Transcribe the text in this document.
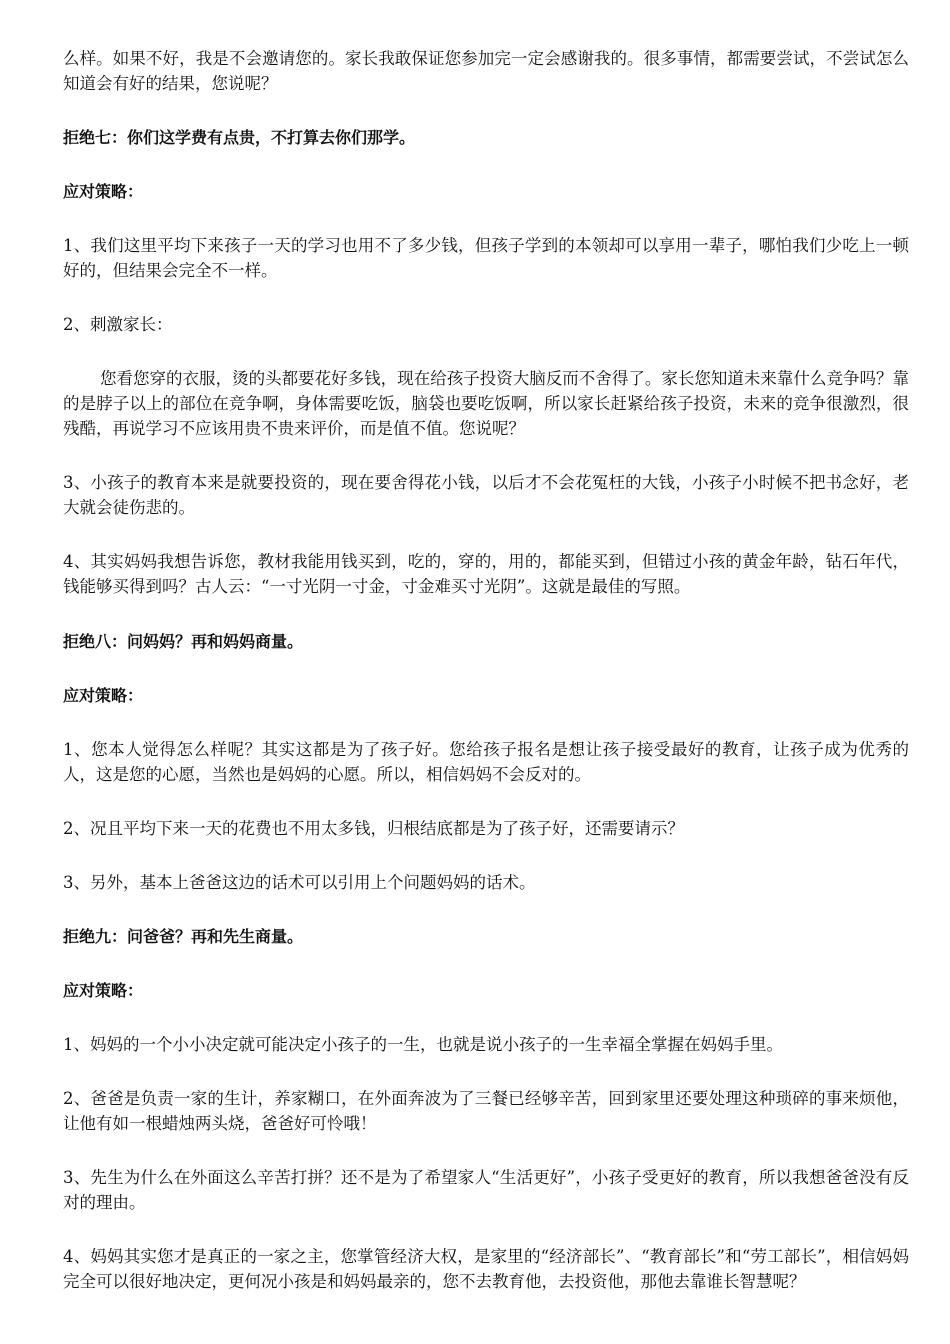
么样。如果不好，我是不会邀请您的。家长我敢保证您参加完一定会感谢我的。很多事情，都需要尝试，不尝试怎么知道会有好的结果，您说呢？

拒绝七：你们这学费有点贵，不打算去你们那学。

应对策略：

1、我们这里平均下来孩子一天的学习也用不了多少钱，但孩子学到的本领却可以享用一辈子，哪怕我们少吃上一顿好的，但结果会完全不一样。

2、刺激家长：

您看您穿的衣服，烫的头都要花好多钱，现在给孩子投资大脑反而不舍得了。家长您知道未来靠什么竞争吗？靠的是脖子以上的部位在竞争啊，身体需要吃饭，脑袋也要吃饭啊，所以家长赶紧给孩子投资，未来的竞争很激烈，很残酷，再说学习不应该用贵不贵来评价，而是值不值。您说呢？

3、小孩子的教育本来是就要投资的，现在要舍得花小钱，以后才不会花冤枉的大钱，小孩子小时候不把书念好，老大就会徒伤悲的。

4、其实妈妈我想告诉您，教材我能用钱买到，吃的，穿的，用的，都能买到，但错过小孩的黄金年龄，钻石年代，钱能够买得到吗？古人云：“一寸光阴一寸金，寸金难买寸光阴”。这就是最佳的写照。

拒绝八：问妈妈？再和妈妈商量。

应对策略：

1、您本人觉得怎么样呢？其实这都是为了孩子好。您给孩子报名是想让孩子接受最好的教育，让孩子成为优秀的人，这是您的心愿，当然也是妈妈的心愿。所以，相信妈妈不会反对的。

2、况且平均下来一天的花费也不用太多钱，归根结底都是为了孩子好，还需要请示？

3、另外，基本上爸爸这边的话术可以引用上个问题妈妈的话术。

拒绝九：问爸爸？再和先生商量。

应对策略：

1、妈妈的一个小小决定就可能决定小孩子的一生，也就是说小孩子的一生幸福全掌握在妈妈手里。

2、爸爸是负责一家的生计，养家糊口，在外面奔波为了三餐已经够辛苦，回到家里还要处理这种琐碎的事来烦他，让他有如一根蜡烛两头烧，爸爸好可怜哦！

3、先生为什么在外面这么辛苦打拼？还不是为了希望家人“生活更好”，小孩子受更好的教育，所以我想爸爸没有反对的理由。

4、妈妈其实您才是真正的一家之主，您掌管经济大权，是家里的“经济部长”、“教育部长”和“劳工部长”，相信妈妈完全可以很好地决定，更何况小孩是和妈妈最亲的，您不去教育他，去投资他，那他去靠谁长智慧呢？
